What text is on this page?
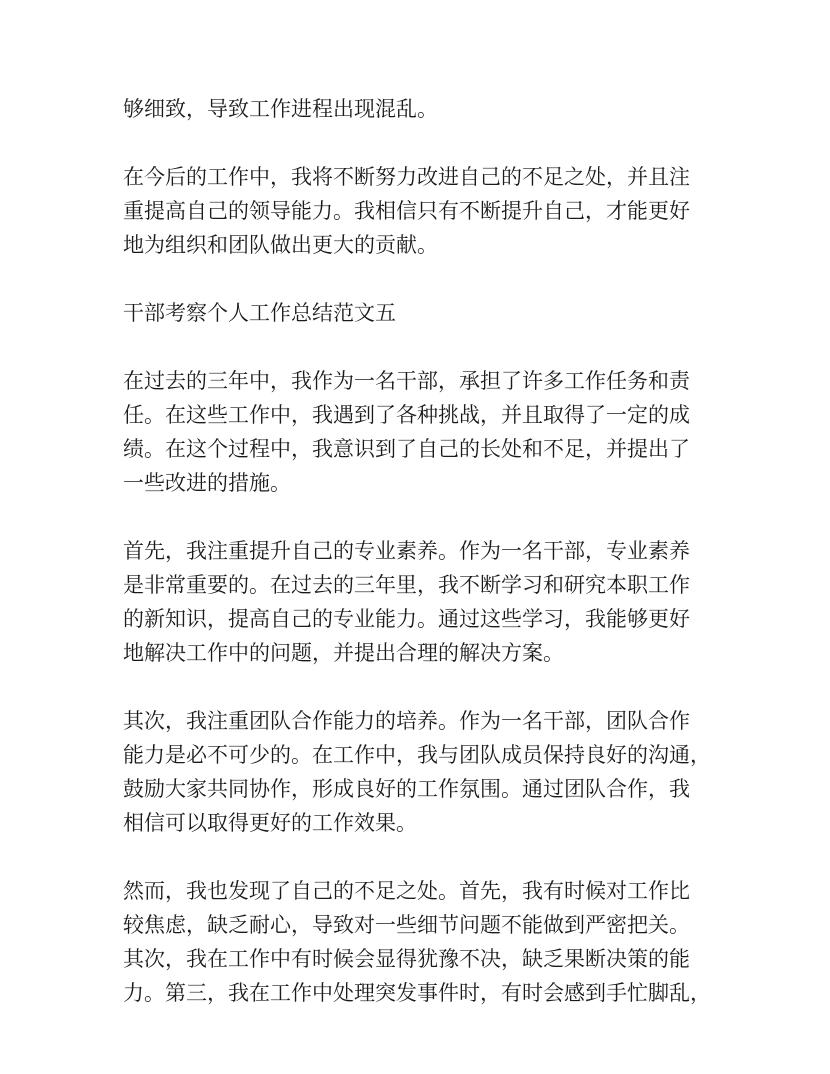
够细致，导致工作进程出现混乱。

在今后的工作中，我将不断努力改进自己的不足之处，并且注
重提高自己的领导能力。我相信只有不断提升自己，才能更好
地为组织和团队做出更大的贡献。

干部考察个人工作总结范文五

在过去的三年中，我作为一名干部，承担了许多工作任务和责
任。在这些工作中，我遇到了各种挑战，并且取得了一定的成
绩。在这个过程中，我意识到了自己的长处和不足，并提出了
一些改进的措施。

首先，我注重提升自己的专业素养。作为一名干部，专业素养
是非常重要的。在过去的三年里，我不断学习和研究本职工作
的新知识，提高自己的专业能力。通过这些学习，我能够更好
地解决工作中的问题，并提出合理的解决方案。

其次，我注重团队合作能力的培养。作为一名干部，团队合作
能力是必不可少的。在工作中，我与团队成员保持良好的沟通，
鼓励大家共同协作，形成良好的工作氛围。通过团队合作，我
相信可以取得更好的工作效果。

然而，我也发现了自己的不足之处。首先，我有时候对工作比
较焦虑，缺乏耐心，导致对一些细节问题不能做到严密把关。
其次，我在工作中有时候会显得犹豫不决，缺乏果断决策的能
力。第三，我在工作中处理突发事件时，有时会感到手忙脚乱，
